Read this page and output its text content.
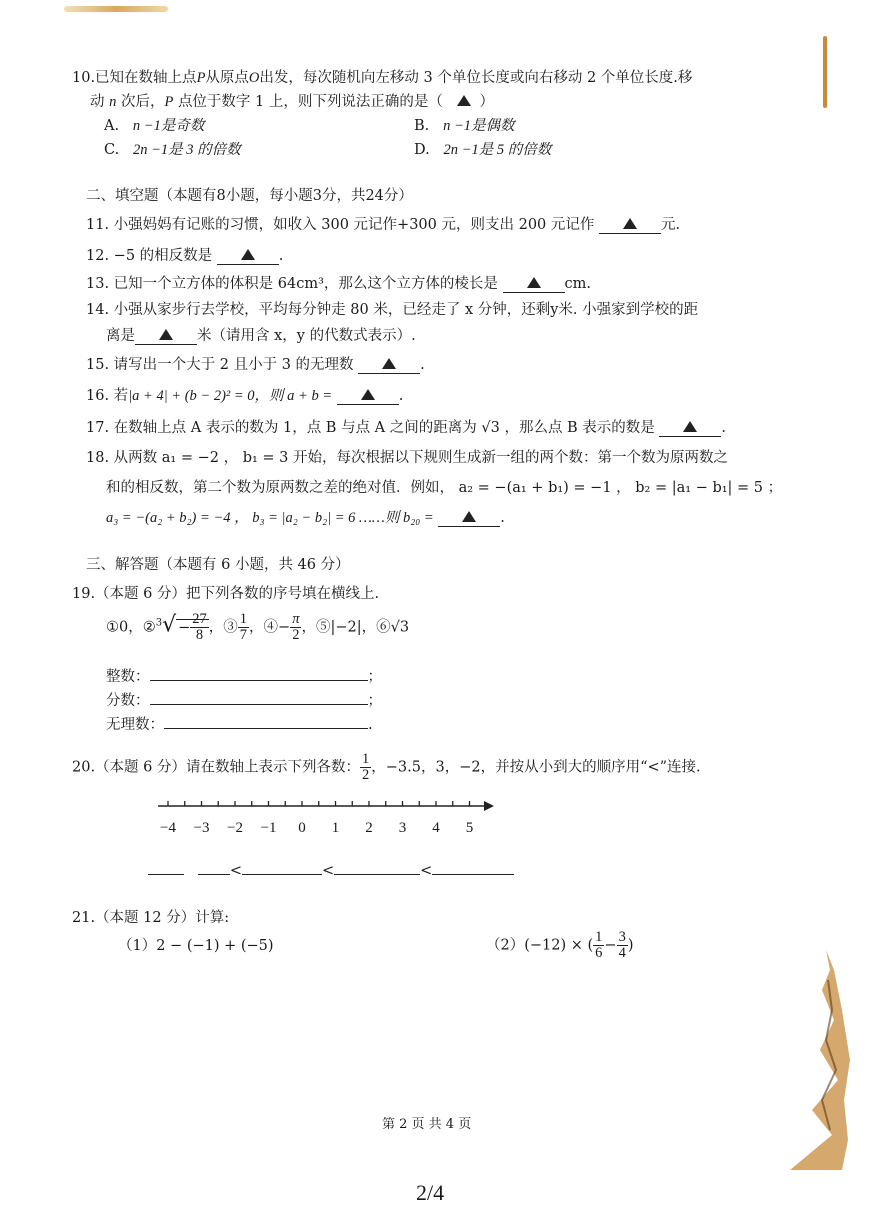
10.已知在数轴上点P从原点O出发，每次随机向左移动 3 个单位长度或向右移动 2 个单位长度.移
动 n 次后，P 点位于数字 1 上，则下列说法正确的是（	）
A. n −1是奇数	B. n −1是偶数
C. 2n −1是 3 的倍数	D. 2n −1是 5 的倍数
二、填空题（本题有8小题，每小题3分，共24分）
11. 小强妈妈有记账的习惯，如收入 300 元记作+300 元，则支出 200 元记作	元.
12. −5 的相反数是	.
13. 已知一个立方体的体积是 64cm³，那么这个立方体的棱长是	cm.
14. 小强从家步行去学校，平均每分钟走 80 米，已经走了 x 分钟，还剩y米. 小强家到学校的距
离是	米（请用含 x，y 的代数式表示）.
15. 请写出一个大于 2 且小于 3 的无理数	.
16. 若|a + 4| + (b − 2)² = 0，则 a + b =	.
17. 在数轴上点 A 表示的数为 1，点 B 与点 A 之间的距离为 √3 ，那么点 B 表示的数是	.
18. 从两数 a₁ = −2 ， b₁ = 3 开始，每次根据以下规则生成新一组的两个数：第一个数为原两数之
和的相反数，第二个数为原两数之差的绝对值．例如， a₂ = −(a₁ + b₁) = −1 ， b₂ = |a₁ − b₁| = 5 ；
a₃ = −(a₂ + b₂) = −4 ， b₃ = |a₂ − b₂| = 6 ……则 b₂₀ =	.
三、解答题（本题有 6 小题，共 46 分）
19.（本题 6 分）把下列各数的序号填在横线上.
①0，②$^3$√ − $\frac{27}{8}$ ，③ $\frac{1}{7}$ ，④− $\frac{\pi}{2}$ ，⑤|−2|，⑥√3
整数：	；
分数：	；
无理数：	.
20.（本题 6 分）请在数轴上表示下列各数： $\frac{1}{2}$ ，−3.5，3，−2，并按从小到大的顺序用“<”连接.
−4 −3 −2 −1 0 1 2 3 4 5
<	<	<
21.（本题 12 分）计算:
（1）2 − (−1) + (−5)	（2）(−12) × ( $\frac{1}{6} - \frac{3}{4}$ )
第 2 页 共 4 页
2/4
